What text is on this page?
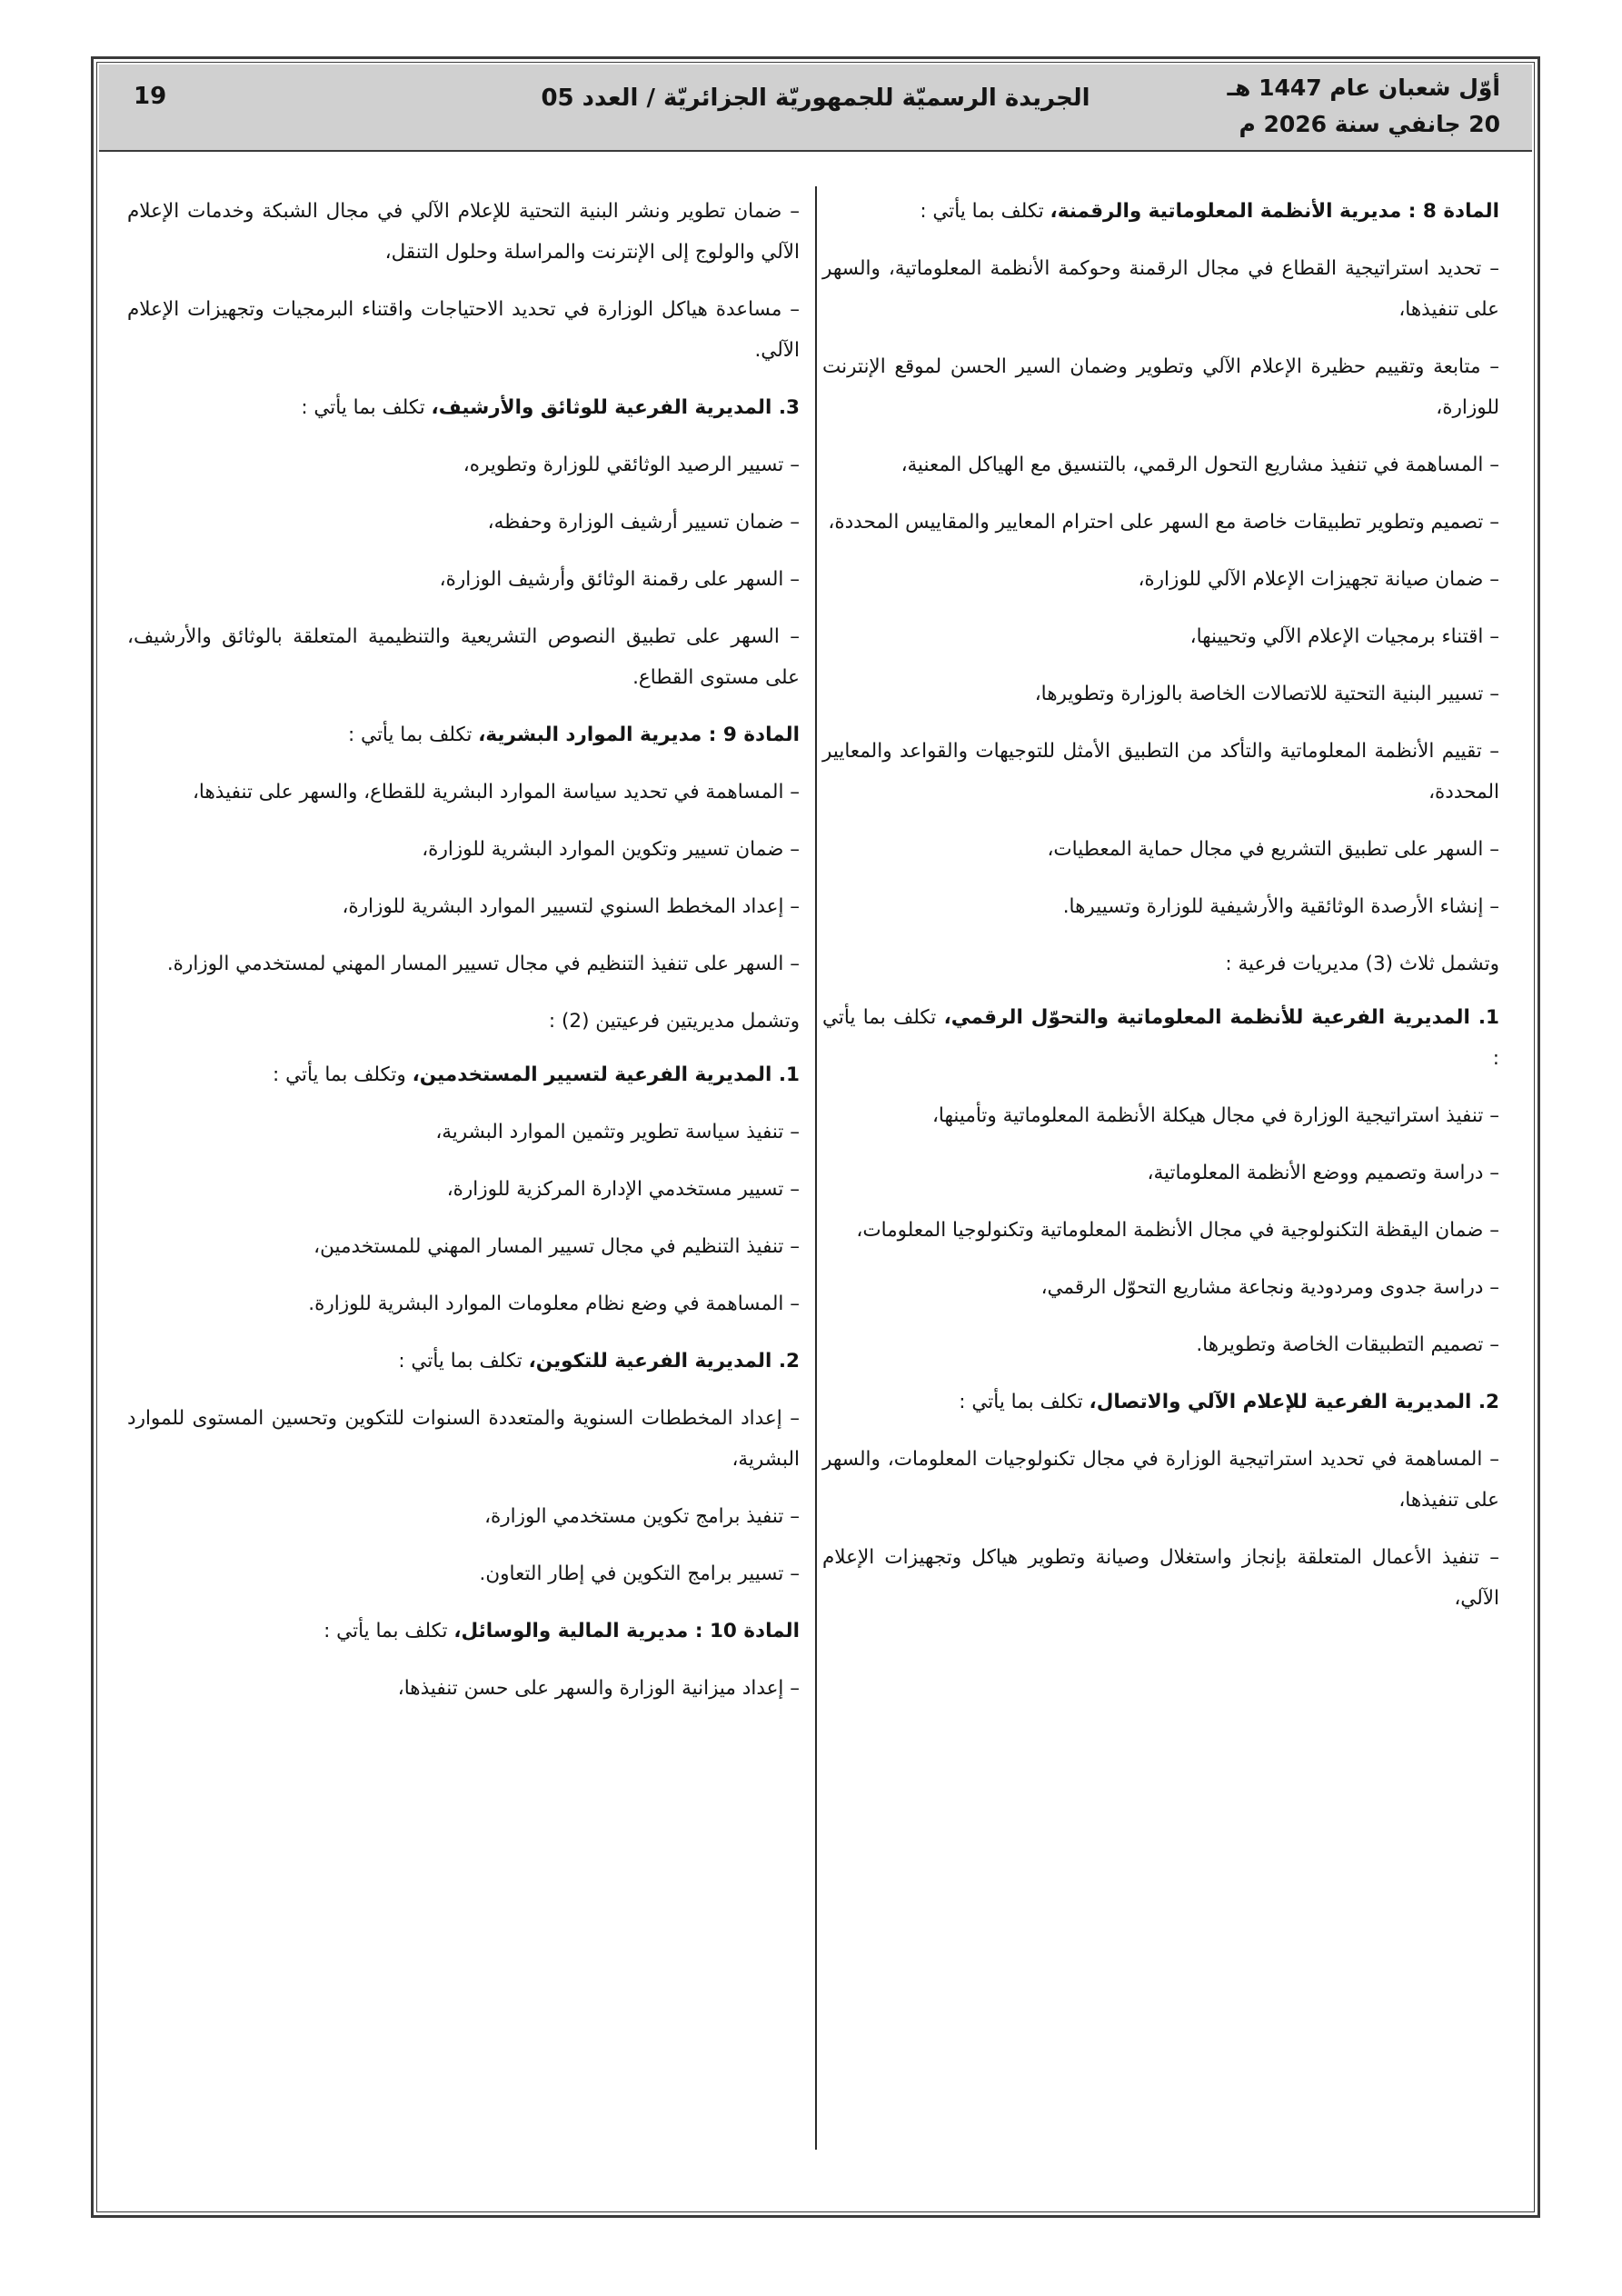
أوّل شعبان عام 1447 هـ
20 جانفي سنة 2026 م
الجريدة الرسميّة للجمهوريّة الجزائريّة / العدد 05
19

المادة 8 : مديرية الأنظمة المعلوماتية والرقمنة، تكلف بما يأتي :

– تحديد استراتيجية القطاع في مجال الرقمنة وحوكمة الأنظمة المعلوماتية، والسهر على تنفيذها،
– متابعة وتقييم حظيرة الإعلام الآلي وتطوير وضمان السير الحسن لموقع الإنترنت للوزارة،
– المساهمة في تنفيذ مشاريع التحول الرقمي، بالتنسيق مع الهياكل المعنية،
– تصميم وتطوير تطبيقات خاصة مع السهر على احترام المعايير والمقاييس المحددة،
– ضمان صيانة تجهيزات الإعلام الآلي للوزارة،
– اقتناء برمجيات الإعلام الآلي وتحيينها،
– تسيير البنية التحتية للاتصالات الخاصة بالوزارة وتطويرها،
– تقييم الأنظمة المعلوماتية والتأكد من التطبيق الأمثل للتوجيهات والقواعد والمعايير المحددة،
– السهر على تطبيق التشريع في مجال حماية المعطيات،
– إنشاء الأرصدة الوثائقية والأرشيفية للوزارة وتسييرها.
وتشمل ثلاث (3) مديريات فرعية :

1. المديرية الفرعية للأنظمة المعلوماتية والتحوّل الرقمي، تكلف بما يأتي :

– تنفيذ استراتيجية الوزارة في مجال هيكلة الأنظمة المعلوماتية وتأمينها،
– دراسة وتصميم ووضع الأنظمة المعلوماتية،
– ضمان اليقظة التكنولوجية في مجال الأنظمة المعلوماتية وتكنولوجيا المعلومات،
– دراسة جدوى ومردودية ونجاعة مشاريع التحوّل الرقمي،
– تصميم التطبيقات الخاصة وتطويرها.

2. المديرية الفرعية للإعلام الآلي والاتصال، تكلف بما يأتي :

– المساهمة في تحديد استراتيجية الوزارة في مجال تكنولوجيات المعلومات، والسهر على تنفيذها،
– تنفيذ الأعمال المتعلقة بإنجاز واستغلال وصيانة وتطوير هياكل وتجهيزات الإعلام الآلي،
– ضمان تطوير ونشر البنية التحتية للإعلام الآلي في مجال الشبكة وخدمات الإعلام الآلي والولوج إلى الإنترنت والمراسلة وحلول التنقل،
– مساعدة هياكل الوزارة في تحديد الاحتياجات واقتناء البرمجيات وتجهيزات الإعلام الآلي.

3. المديرية الفرعية للوثائق والأرشيف، تكلف بما يأتي :

– تسيير الرصيد الوثائقي للوزارة وتطويره،
– ضمان تسيير أرشيف الوزارة وحفظه،
– السهر على رقمنة الوثائق وأرشيف الوزارة،
– السهر على تطبيق النصوص التشريعية والتنظيمية المتعلقة بالوثائق والأرشيف، على مستوى القطاع.

المادة 9 : مديرية الموارد البشرية، تكلف بما يأتي :

– المساهمة في تحديد سياسة الموارد البشرية للقطاع، والسهر على تنفيذها،
– ضمان تسيير وتكوين الموارد البشرية للوزارة،
– إعداد المخطط السنوي لتسيير الموارد البشرية للوزارة،
– السهر على تنفيذ التنظيم في مجال تسيير المسار المهني لمستخدمي الوزارة.
وتشمل مديريتين فرعيتين (2) :

1. المديرية الفرعية لتسيير المستخدمين، وتكلف بما يأتي :

– تنفيذ سياسة تطوير وتثمين الموارد البشرية،
– تسيير مستخدمي الإدارة المركزية للوزارة،
– تنفيذ التنظيم في مجال تسيير المسار المهني للمستخدمين،
– المساهمة في وضع نظام معلومات الموارد البشرية للوزارة.

2. المديرية الفرعية للتكوين، تكلف بما يأتي :

– إعداد المخططات السنوية والمتعددة السنوات للتكوين وتحسين المستوى للموارد البشرية،
– تنفيذ برامج تكوين مستخدمي الوزارة،
– تسيير برامج التكوين في إطار التعاون.

المادة 10 : مديرية المالية والوسائل، تكلف بما يأتي :

– إعداد ميزانية الوزارة والسهر على حسن تنفيذها،
